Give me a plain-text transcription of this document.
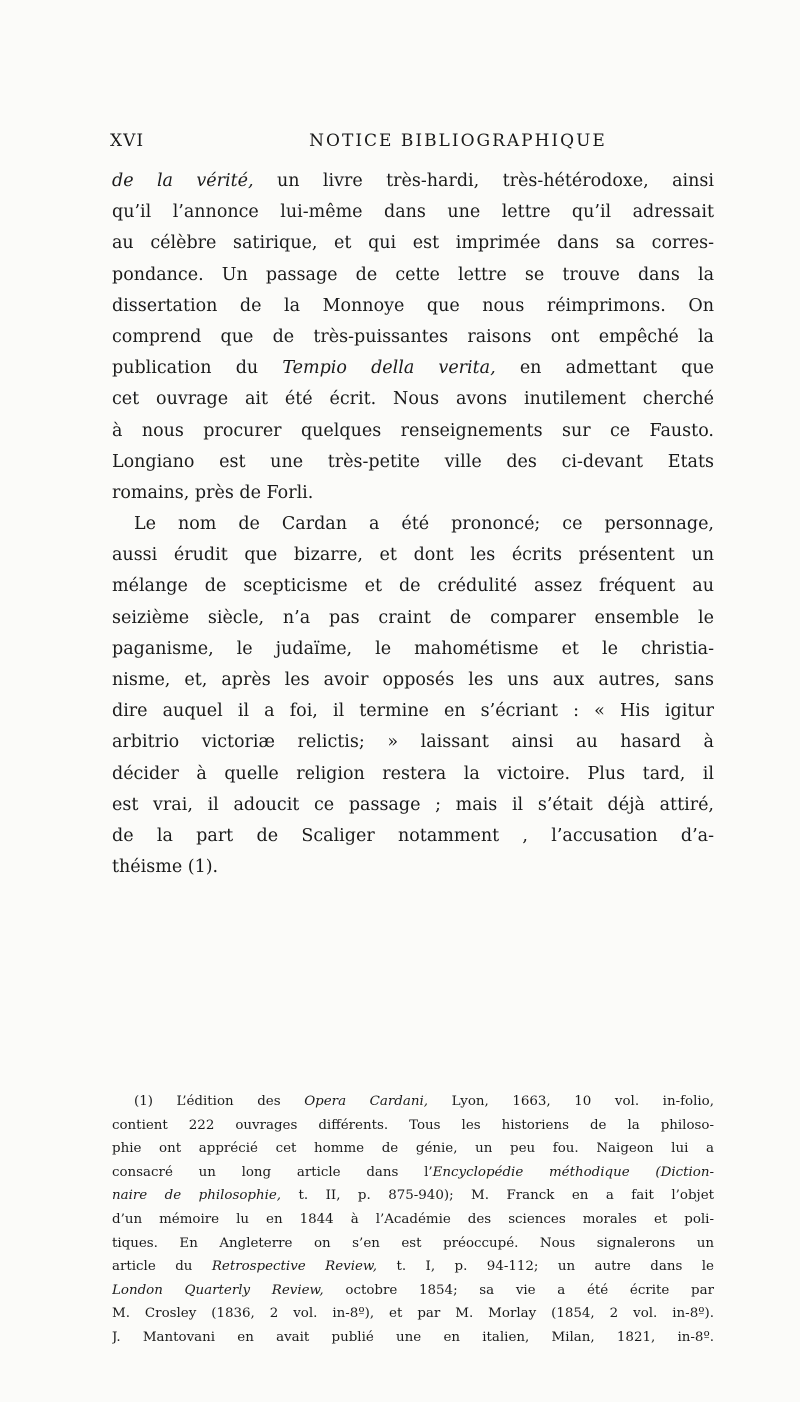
XVI	NOTICE BIBLIOGRAPHIQUE
de la vérité, un livre très-hardi, très-hétérodoxe, ainsi
qu’il l’annonce lui-même dans une lettre qu’il adressait
au célèbre satirique, et qui est imprimée dans sa corres-
pondance. Un passage de cette lettre se trouve dans la
dissertation de la Monnoye que nous réimprimons. On
comprend que de très-puissantes raisons ont empêché la
publication du Tempio della verita, en admettant que
cet ouvrage ait été écrit. Nous avons inutilement cherché
à nous procurer quelques renseignements sur ce Fausto.
Longiano est une très-petite ville des ci-devant Etats
romains, près de Forli.
Le nom de Cardan a été prononcé; ce personnage,
aussi érudit que bizarre, et dont les écrits présentent un
mélange de scepticisme et de crédulité assez fréquent au
seizième siècle, n’a pas craint de comparer ensemble le
paganisme, le judaïme, le mahométisme et le christia-
nisme, et, après les avoir opposés les uns aux autres, sans
dire auquel il a foi, il termine en s’écriant : « His igitur
arbitrio victoriæ relictis; » laissant ainsi au hasard à
décider à quelle religion restera la victoire. Plus tard, il
est vrai, il adoucit ce passage ; mais il s’était déjà attiré,
de la part de Scaliger notamment , l’accusation d’a-
théisme (1).
(1) L’édition des Opera Cardani, Lyon, 1663, 10 vol. in-folio,
contient 222 ouvrages différents. Tous les historiens de la philoso-
phie ont apprécié cet homme de génie, un peu fou. Naigeon lui a
consacré un long article dans l’Encyclopédie méthodique (Diction-
naire de philosophie, t. II, p. 875-940); M. Franck en a fait l’objet
d’un mémoire lu en 1844 à l’Académie des sciences morales et poli-
tiques. En Angleterre on s’en est préoccupé. Nous signalerons un
article du Retrospective Review, t. I, p. 94-112; un autre dans le
London Quarterly Review, octobre 1854; sa vie a été écrite par
M. Crosley (1836, 2 vol. in-8º), et par M. Morlay (1854, 2 vol. in-8º).
J. Mantovani en avait publié une en italien, Milan, 1821, in-8º.
